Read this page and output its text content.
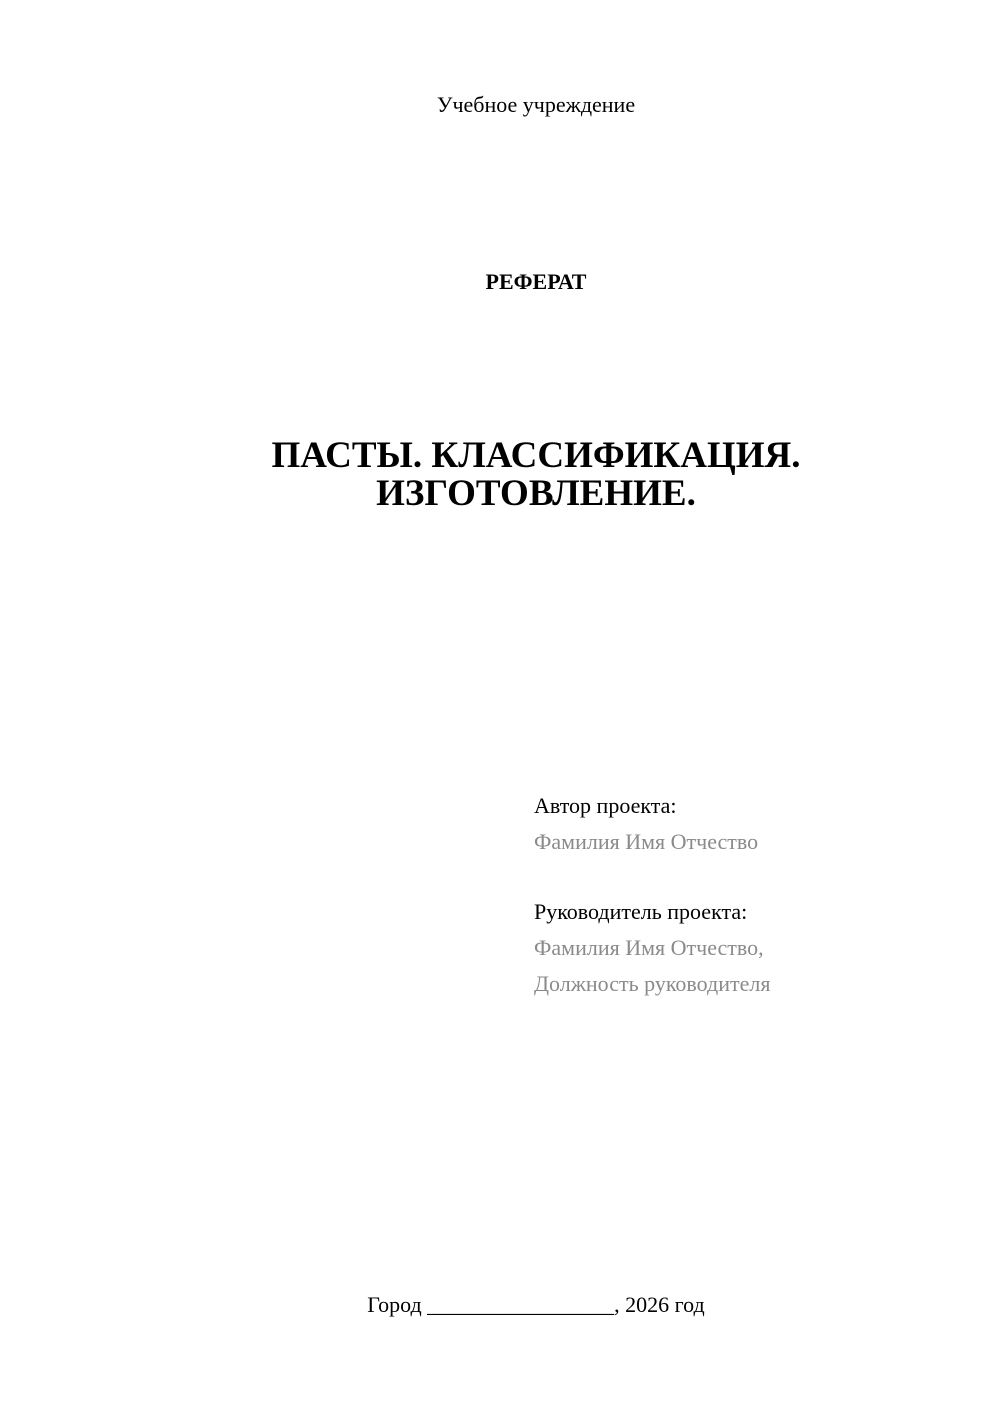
Учебное учреждение
РЕФЕРАТ
ПАСТЫ. КЛАССИФИКАЦИЯ.
ИЗГОТОВЛЕНИЕ.
Автор проекта:
Фамилия Имя Отчество
Руководитель проекта:
Фамилия Имя Отчество,
Должность руководителя
Город _________________, 2026 год
